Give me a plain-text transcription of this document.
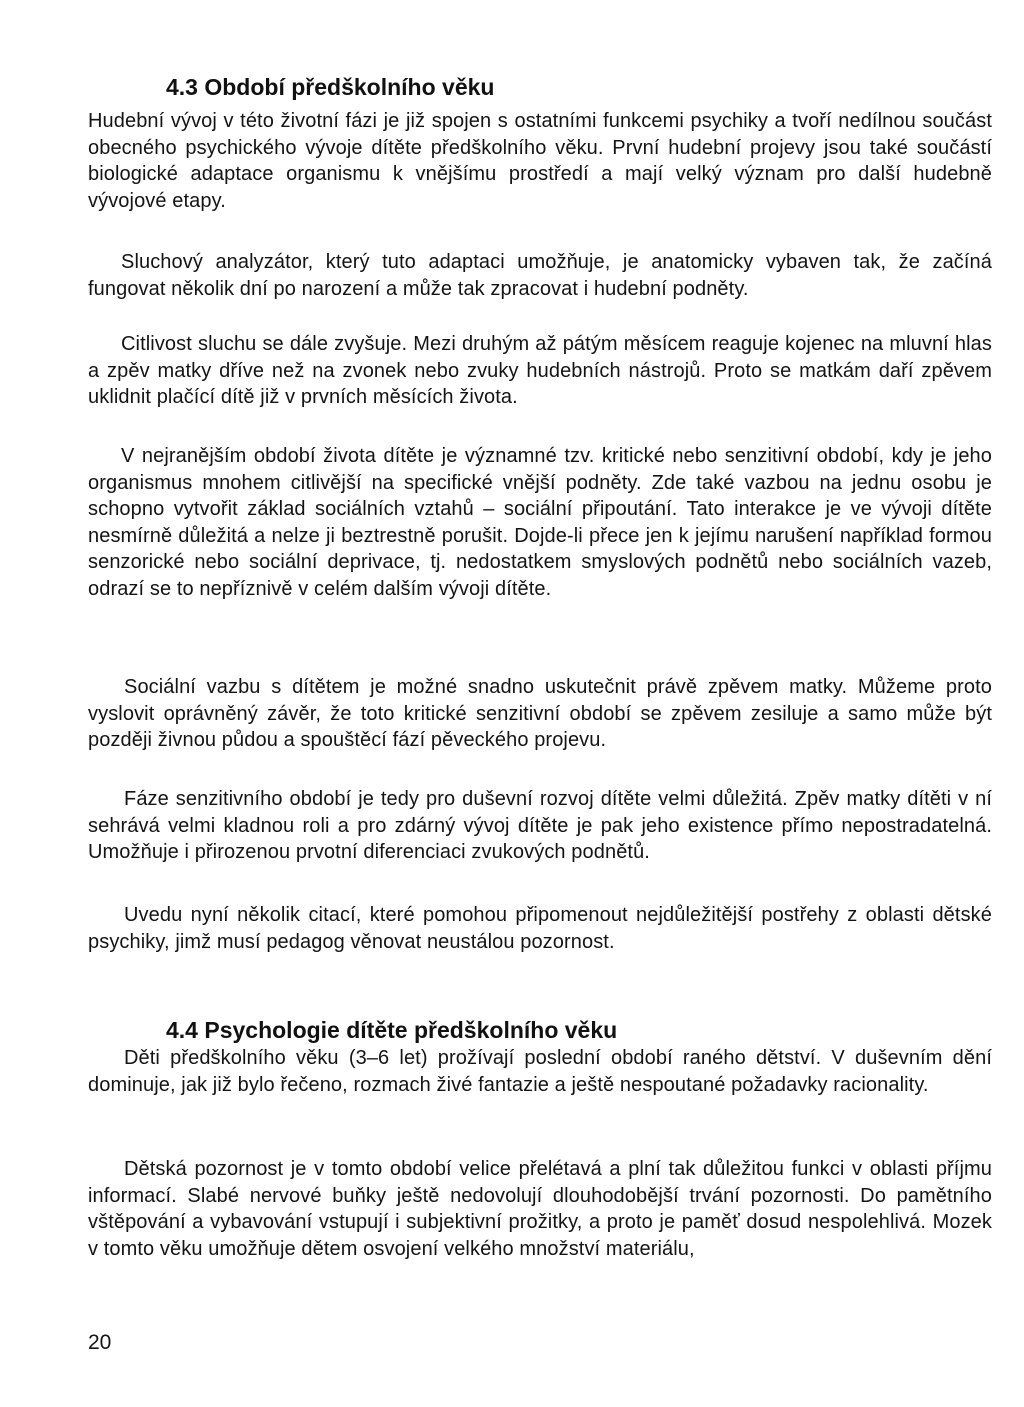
4.3 Období předškolního věku

Hudební vývoj v této životní fázi je již spojen s ostatními funkcemi psychiky a tvoří nedílnou součást obecného psychického vývoje dítěte předškolního věku. První hudební projevy jsou také součástí biologické adaptace organismu k vnějšímu prostředí a mají velký význam pro další hudebně vývojové etapy.

Sluchový analyzátor, který tuto adaptaci umožňuje, je anatomicky vybaven tak, že začíná fungovat několik dní po narození a může tak zpracovat i hudební podněty.

Citlivost sluchu se dále zvyšuje. Mezi druhým až pátým měsícem reaguje kojenec na mluvní hlas a zpěv matky dříve než na zvonek nebo zvuky hudebních nástrojů. Proto se matkám daří zpěvem uklidnit plačící dítě již v prvních měsících života.

V nejranějším období života dítěte je významné tzv. kritické nebo senzitivní období, kdy je jeho organismus mnohem citlivější na specifické vnější podněty. Zde také vazbou na jednu osobu je schopno vytvořit základ sociálních vztahů – sociální připoutání. Tato interakce je ve vývoji dítěte nesmírně důležitá a nelze ji beztrestně porušit. Dojde-li přece jen k jejímu narušení například formou senzorické nebo sociální deprivace, tj. nedostatkem smyslových podnětů nebo sociálních vazeb, odrazí se to nepříznivě v celém dalším vývoji dítěte.

Sociální vazbu s dítětem je možné snadno uskutečnit právě zpěvem matky. Můžeme proto vyslovit oprávněný závěr, že toto kritické senzitivní období se zpěvem zesiluje a samo může být později živnou půdou a spouštěcí fází pěveckého projevu.

Fáze senzitivního období je tedy pro duševní rozvoj dítěte velmi důležitá. Zpěv matky dítěti v ní sehrává velmi kladnou roli a pro zdárný vývoj dítěte je pak jeho existence přímo nepostradatelná. Umožňuje i přirozenou prvotní diferenciaci zvukových podnětů.

Uvedu nyní několik citací, které pomohou připomenout nejdůležitější postřehy z oblasti dětské psychiky, jimž musí pedagog věnovat neustálou pozornost.

4.4 Psychologie dítěte předškolního věku

Děti předškolního věku (3–6 let) prožívají poslední období raného dětství. V duševním dění dominuje, jak již bylo řečeno, rozmach živé fantazie a ještě nespoutané požadavky racionality.

Dětská pozornost je v tomto období velice přelétavá a plní tak důležitou funkci v oblasti příjmu informací. Slabé nervové buňky ještě nedovolují dlouhodobější trvání pozornosti. Do pamětního vštěpování a vybavování vstupují i subjektivní prožitky, a proto je paměť dosud nespolehlivá. Mozek v tomto věku umožňuje dětem osvojení velkého množství materiálu,

20
